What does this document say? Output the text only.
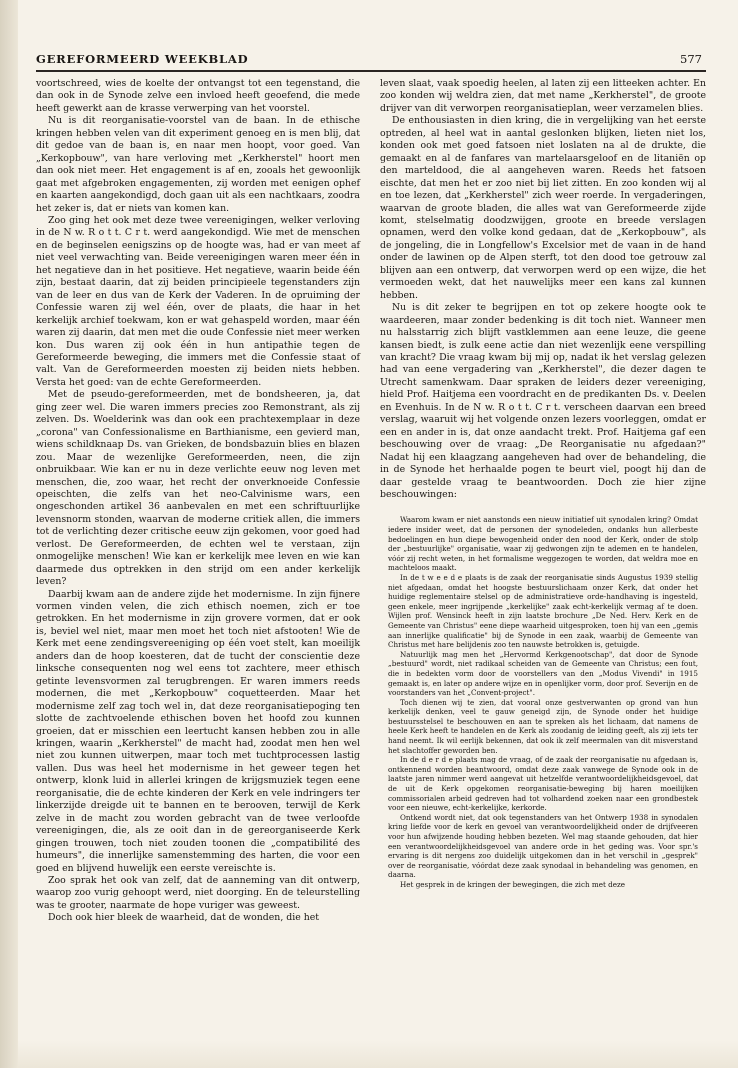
GEREFORMEERD WEEKBLAD	577

voortschreed, wies de koelte der ontvangst tot een tegenstand, die dan ook in de Synode zelve een invloed heeft geoefend, die mede heeft gewerkt aan de krasse verwerping van het voorstel.

Nu is dit reorganisatie-voorstel van de baan. In de ethische kringen hebben velen van dit experiment genoeg en is men blij, dat dit gedoe van de baan is, en naar men hoopt, voor goed. Van „Kerkopbouw", van hare verloving met „Kerkherstel" hoort men dan ook niet meer. Het engagement is af en, zooals het gewoonlijk gaat met afgebroken engagementen, zij worden met eenigen ophef en kaarten aangekondigd, doch gaan uit als een nachtkaars, zoodra het zeker is, dat er niets van komen kan.

Zoo ging het ook met deze twee vereenigingen, welker verloving in de N w. R o t t. C r t. werd aangekondigd. Wie met de menschen en de beginselen eenigszins op de hoogte was, had er van meet af niet veel verwachting van. Beide vereenigingen waren meer één in het negatieve dan in het positieve. Het negatieve, waarin beide één zijn, bestaat daarin, dat zij beiden principieele tegenstanders zijn van de leer en dus van de Kerk der Vaderen. In de opruiming der Confessie waren zij wel één, over de plaats, die haar in het kerkelijk archief toekwam, kon er wat gehaspeld worden, maar één waren zij daarin, dat men met die oude Confessie niet meer werken kon. Dus waren zij ook één in hun antipathie tegen de Gereformeerde beweging, die immers met die Confessie staat of valt. Van de Gereformeerden moesten zij beiden niets hebben. Versta het goed: van de echte Gereformeerden.

Met de pseudo-gereformeerden, met de bondsheeren, ja, dat ging zeer wel. Die waren immers precies zoo Remonstrant, als zij zelven. Ds. Woelderink was dan ook een prachtexemplaar in deze „corona" van Confessionalisme en Barthianisme, een gevierd man, wiens schildknaap Ds. van Grieken, de bondsbazuin blies en blazen zou. Maar de wezenlijke Gereformeerden, neen, die zijn onbruikbaar. Wie kan er nu in deze verlichte eeuw nog leven met menschen, die, zoo waar, het recht der onverknoeide Confessie opeischten, die zelfs van het neo-Calvinisme wars, een ongeschonden artikel 36 aanbevalen en met een schriftuurlijke levensnorm stonden, waarvan de moderne critiek allen, die immers tot de verlichting dezer critische eeuw zijn gekomen, voor goed had verlost. De Gereformeerden, de echten wel te verstaan, zijn onmogelijke menschen! Wie kan er kerkelijk mee leven en wie kan daarmede dus optrekken in den strijd om een ander kerkelijk leven?

Daarbij kwam aan de andere zijde het modernisme. In zijn fijnere vormen vinden velen, die zich ethisch noemen, zich er toe getrokken. En het modernisme in zijn grovere vormen, dat er ook is, beviel wel niet, maar men moet het toch niet afstooten! Wie de Kerk met eene zendingsvereeniging op één voet stelt, kan moeilijk anders dan de hoop koesteren, dat de tucht der conscientie deze linksche consequenten nog wel eens tot zachtere, meer ethisch getinte levensvormen zal terugbrengen. Er waren immers reeds modernen, die met „Kerkopbouw" coquetteerden. Maar het modernisme zelf zag toch wel in, dat deze reorganisatiepoging ten slotte de zachtvoelende ethischen boven het hoofd zou kunnen groeien, dat er misschien een leertucht kansen hebben zou in alle kringen, waarin „Kerkherstel" de macht had, zoodat men hen wel niet zou kunnen uitwerpen, maar toch met tuchtprocessen lastig vallen. Dus was heel het modernisme in het geweer tegen het ontwerp, klonk luid in allerlei kringen de krijgsmuziek tegen eene reorganisatie, die de echte kinderen der Kerk en vele indringers ter linkerzijde dreigde uit te bannen en te berooven, terwijl de Kerk zelve in de macht zou worden gebracht van de twee verloofde vereenigingen, die, als ze ooit dan in de gereorganiseerde Kerk gingen trouwen, toch niet zouden toonen die „compatibilité des humeurs", die innerlijke samenstemming des harten, die voor een goed en blijvend huwelijk een eerste vereischte is.

Zoo sprak het ook van zelf, dat de aanneming van dit ontwerp, waarop zoo vurig gehoopt werd, niet doorging. En de teleurstelling was te grooter, naarmate de hope vuriger was geweest.

Doch ook hier bleek de waarheid, dat de wonden, die het

leven slaat, vaak spoedig heelen, al laten zij een litteeken achter. En zoo konden wij weldra zien, dat met name „Kerkherstel", de groote drijver van dit verworpen reorganisatieplan, weer verzamelen blies.

De enthousiasten in dien kring, die in vergelijking van het eerste optreden, al heel wat in aantal geslonken blijken, lieten niet los, konden ook met goed fatsoen niet loslaten na al de drukte, die gemaakt en al de fanfares van martelaarsgeloof en de litaniën op den marteldood, die al aangeheven waren. Reeds het fatsoen eischte, dat men het er zoo niet bij liet zitten. En zoo konden wij al en toe lezen, dat „Kerkherstel" zich weer roerde. In vergaderingen, waarvan de groote bladen, die alles wat van Gereformeerde zijde komt, stelselmatig doodzwijgen, groote en breede verslagen opnamen, werd den volke kond gedaan, dat de „Kerkopbouw", als de jongeling, die in Longfellow's Excelsior met de vaan in de hand onder de lawinen op de Alpen sterft, tot den dood toe getrouw zal blijven aan een ontwerp, dat verworpen werd op een wijze, die het vermoeden wekt, dat het nauwelijks meer een kans zal kunnen hebben.

Nu is dit zeker te begrijpen en tot op zekere hoogte ook te waardeeren, maar zonder bedenking is dit toch niet. Wanneer men nu halsstarrig zich blijft vastklemmen aan eene leuze, die geene kansen biedt, is zulk eene actie dan niet wezenlijk eene verspilling van kracht? Die vraag kwam bij mij op, nadat ik het verslag gelezen had van eene vergadering van „Kerkherstel", die dezer dagen te Utrecht samenkwam. Daar spraken de leiders dezer vereeniging, hield Prof. Haitjema een voordracht en de predikanten Ds. v. Deelen en Evenhuis. In de N w. R o t t. C r t. verscheen daarvan een breed verslag, waaruit wij het volgende onzen lezers voorleggen, omdat er een en ander in is, dat onze aandacht trekt. Prof. Haitjema gaf een beschouwing over de vraag: „De Reorganisatie nu afgedaan?" Nadat hij een klaagzang aangeheven had over de behandeling, die in de Synode het herhaalde pogen te beurt viel, poogt hij dan de daar gestelde vraag te beantwoorden. Doch zie hier zijne beschouwingen:

Waarom kwam er niet aanstonds een nieuw initiatief uit synodalen kring? Omdat iedere insider weet, dat de personen der synodeleden, ondanks hun allerbeste bedoelingen en hun diepe bewogenheid onder den nood der Kerk, onder de stolp der „bestuurlijke" organisatie, waar zij gedwongen zijn te ademen en te handelen, vóór zij recht weten, in het formalisme weggezogen te worden, dat weldra moe en machteloos maakt.

In de t w e e d e plaats is de zaak der reorganisatie sinds Augustus 1939 stellig niet afgedaan, omdat het hoogste bestuurslichaam onzer Kerk, dat onder het huidige reglementaire stelsel op de administratieve orde-handhaving is ingesteld, geen enkele, meer ingrijpende „kerkelijke" zaak echt-kerkelijk vermag af te doen. Wijlen prof. Wensinck heeft in zijn laatste brochure „De Ned. Herv. Kerk en de Gemeente van Christus" eene diepe waarheid uitgesproken, toen hij van een „gemis aan innerlijke qualificatie" bij de Synode in een zaak, waarbij de Gemeente van Christus met hare belijdenis zoo ten nauwste betrokken is, getuigde.

Natuurlijk mag men het „Hervormd Kerkgenootschap", dat door de Synode „bestuurd" wordt, niet radikaal scheiden van de Gemeente van Christus; een fout, die in bedekten vorm door de voorstellers van den „Modus Vivendi" in 1915 gemaakt is, en later op andere wijze en in openlijker vorm, door prof. Severijn en de voorstanders van het „Convent-project".

Toch dienen wij te zien, dat vooral onze gestverwanten op grond van hun kerkelijk denken, veel te gauw geneigd zijn, de Synode onder het huidige bestuursstelsel te beschouwen en aan te spreken als het lichaam, dat namens de heele Kerk heeft te handelen en de Kerk als zoodanig de leiding geeft, als zij iets ter hand neemt. Ik wil eerlijk bekennen, dat ook ik zelf meermalen van dit misverstand het slachtoffer geworden ben.

In de d e r d e plaats mag de vraag, of de zaak der reorganisatie nu afgedaan is, ontkennend worden beantwoord, omdat deze zaak vanwege de Synode ook in de laatste jaren nimmer werd aangevat uit hetzelfde verantwoordelijkheidsgevoel, dat de uit de Kerk opgekomen reorganisatie-beweging bij haren moeilijken commissorialen arbeid gedreven had tot volhardend zoeken naar een grondbestek voor een nieuwe, echt-kerkelijke, kerkorde.

Ontkend wordt niet, dat ook tegenstanders van het Ontwerp 1938 in synodalen kring liefde voor de kerk en gevoel van verantwoordelijkheid onder de drijfveeren voor hun afwijzende houding hebben bezeten. Wel mag staande gehouden, dat hier een verantwoordelijkheidsgevoel van andere orde in het geding was. Voor spr.'s ervaring is dit nergens zoo duidelijk uitgekomen dan in het verschil in „gesprek" over de reorganisatie, vóórdat deze zaak synodaal in behandeling was genomen, en daarna.

Het gesprek in de kringen der bewegingen, die zich met deze
